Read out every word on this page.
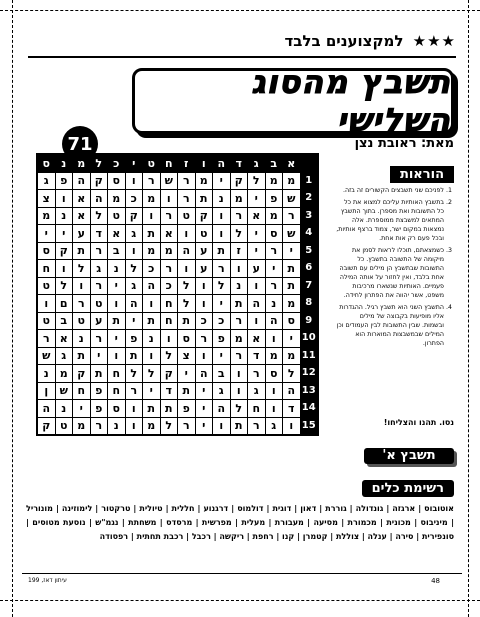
★★★ למקצוענים בלבד
תשבץ מהסוג השלישי
מאת: ראובת נצן
71
ס	נ	מ	ל	כ	י	ט	ח	ז	ו	ה	ד	ג	ב	א	
ג	פ	ה	ק	ס	ו	ר	ש	ר	מ	י	ק	ל	מ	מ	1
צ	ו	א	ה	מ	כ	מ	ו	ר	ת	נ	מ	י	פ	ש	2
מ	נ	א	ל	ט	ק	ו	ר	ט	ק	ו	ר	א	מ	ר	3
י	י	ע	ד	א	ג	ת	א	ו	ט	ו	ל	י	ס	ש	4
ס	ק	ת	ר	ב	ו	מ	מ	ה	ע	ת	ז	י	ר	י	5
ח	ו	ל	ג	נ	ל	כ	ר	ו	ע	ר	ו	ע	י	ת	6
ט	ל	ו	ר	י	ג	ה	כ	ל	ו	ל	נ	ו	ר	ת	7
ו	ם	ר	ט	ו	ה	ו	ח	ל	ו	י	ת	ה	נ	מ	8
ט	ב	ט	ע	ת	י	ת	ח	ת	כ	כ	ר	ו	ה	ס	9
ר	א	נ	ר	י	פ	נ	ו	ס	ר	פ	מ	א	ו	י	10
ש	ג	ת	י	ו	ת	ו	ל	צ	ו	י	ר	ד	מ	מ	11
נ	מ	ק	ת	ח	ל	ל	ק	י	ה	ב	ו	ר	ס	ל	12
ן	ש	ח	פ	ח	ר	י	ד	ת	י	ג	ו	ג	ו	ה	13
ה	נ	י	פ	ס	ו	ת	ת	פ	י	ה	ל	ח	ו	ד	14
ק	ט	מ	ר	נ	ו	מ	ל	ר	י	ו	ת	ר	ג	ו	15
הוראות
1. לפניכם שני תשבצים הקשורים זה בזה.
2. בתשבץ האותיות עליכם למצוא את כל כל התשובות ואת מספרן. בתוך התשבץ המתאים למשבצת ממוספרת. אלה נמצאות במקום ישר, צמוד ברצף אותיות, ובכל פעם רק אות אחת.
3. כשמצאתם, תוכלו לראות לסמן את מיקומה של התשובה בתשבץ. כל התשובות שבתשבץ הן מילים עם תשובה אחת בלבד, ואין לחזור על אותה המילה פעמיים. האותיות שנשארו מרכיבות משפט, אשר יהווה את הפתרון לחידה.
4. התשבץ השני הוא תשבץ רגיל. ההגדרות אליו מופיעות בקבוצה של מילים ובשמות. שבין התשובות לבין העמודים וכן המילים שבמשבצות המוארות הוא הפתרון.
נסו. תהנו והצליחו!
תשבץ א'
רשימת כלים
אוטובוס | ארגזה | גונדולה | גוררת | דאון | דוגית | דולמוס | דרגנוע | חללית | טיולית | טרקטור | לימוזינה | מונוריל | מיניבוס | מכונית | מכמורת | מסיעה | מעבורת | מעלית | מפרשית | מרסדס | משחתת | נגמ"ש | נוסעת מטוסים | סונפירית | סירה | ענלה | צוללת | קטמרן | קנו | רחפת | ריקשה | רכבל | רכבת תחתית | רפסודה
עיתון דאז, 199	48
